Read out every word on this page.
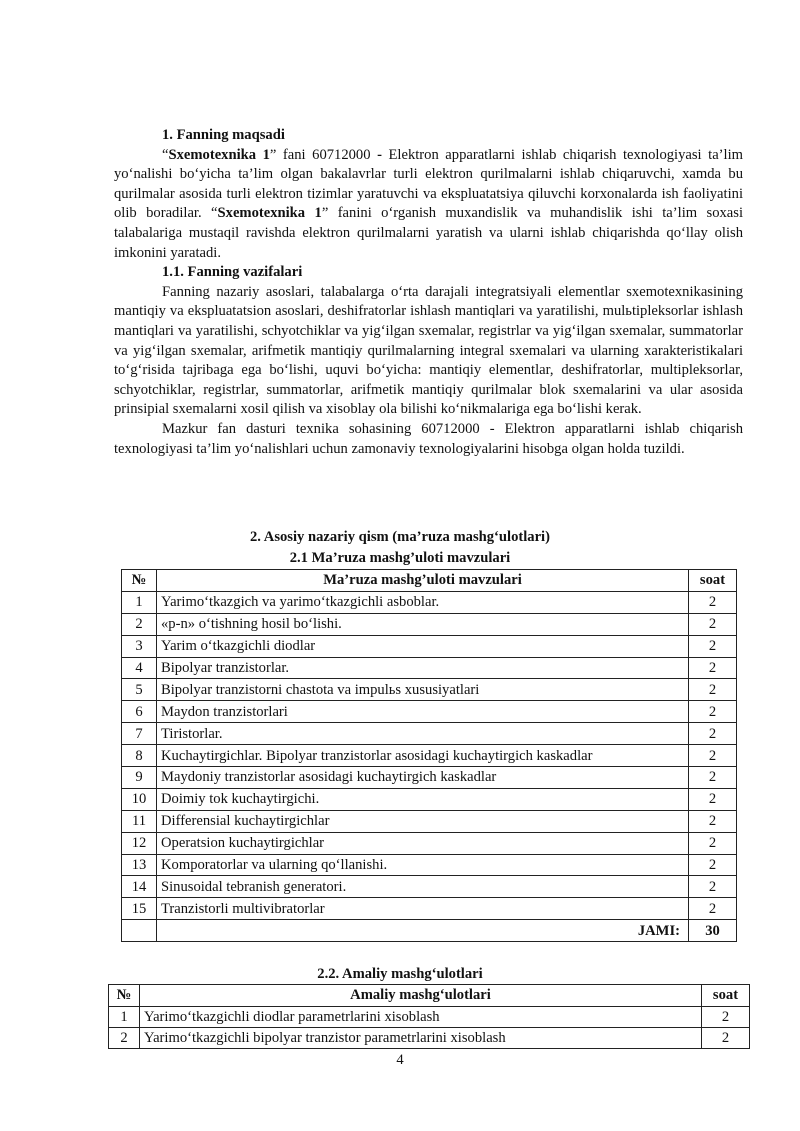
1. Fanning maqsadi

“Sxemotexnika 1” fani 60712000 - Elektron apparatlarni ishlab chiqarish texnologiyasi ta’lim yo‘nalishi bo‘yicha ta’lim olgan bakalavrlar turli elektron qurilmalarni ishlab chiqaruvchi, xamda bu qurilmalar asosida turli elektron tizimlar yaratuvchi va ekspluatatsiya qiluvchi korxonalarda ish faoliyatini olib boradilar. “Sxemotexnika 1” fanini o‘rganish muxandislik va muhandislik ishi ta’lim soxasi talabalariga mustaqil ravishda elektron qurilmalarni yaratish va ularni ishlab chiqarishda qo‘llay olish imkonini yaratadi.

1.1. Fanning vazifalari

Fanning nazariy asoslari, talabalarga o‘rta darajali integratsiyali elementlar sxemotexnikasining mantiqiy va ekspluatatsion asoslari, deshifratorlar ishlash mantiqlari va yaratilishi, mulьtipleksorlar ishlash mantiqlari va yaratilishi, schyotchiklar va yig‘ilgan sxemalar, registrlar va yig‘ilgan sxemalar, summatorlar va yig‘ilgan sxemalar, arifmetik mantiqiy qurilmalarning integral sxemalari va ularning xarakteristikalari to‘g‘risida tajribaga ega bo‘lishi, uquvi bo‘yicha: mantiqiy elementlar, deshifratorlar, multipleksorlar, schyotchiklar, registrlar, summatorlar, arifmetik mantiqiy qurilmalar blok sxemalarini va ular asosida prinsipial sxemalarni xosil qilish va xisoblay ola bilishi ko‘nikmalariga ega bo‘lishi kerak.

Mazkur fan dasturi texnika sohasining 60712000 - Elektron apparatlarni ishlab chiqarish texnologiyasi ta’lim yo‘nalishlari uchun zamonaviy texnologiyalarini hisobga olgan holda tuzildi.

2. Asosiy nazariy qism (ma’ruza mashg‘ulotlari)
2.1 Ma’ruza mashg’uloti mavzulari
№	Ma’ruza mashg’uloti mavzulari	soat
1	Yarimo‘tkazgich va yarimo‘tkazgichli asboblar.	2
2	«p-n» o‘tishning hosil bo‘lishi.	2
3	Yarim o‘tkazgichli diodlar	2
4	Bipolyar tranzistorlar.	2
5	Bipolyar tranzistorni chastota va impulьs xususiyatlari	2
6	Maydon tranzistorlari	2
7	Tiristorlar.	2
8	Kuchaytirgichlar. Bipolyar tranzistorlar asosidagi kuchaytirgich kaskadlar	2
9	Maydoniy tranzistorlar asosidagi kuchaytirgich kaskadlar	2
10	Doimiy tok kuchaytirgichi.	2
11	Differensial kuchaytirgichlar	2
12	Operatsion kuchaytirgichlar	2
13	Komporatorlar va ularning qo‘llanishi.	2
14	Sinusoidal tebranish generatori.	2
15	Tranzistorli multivibratorlar	2
	JAMI:	30
2.2. Amaliy mashg‘ulotlari
№	Amaliy mashg‘ulotlari	soat
1	Yarimo‘tkazgichli diodlar parametrlarini xisoblash	2
2	Yarimo‘tkazgichli bipolyar tranzistor parametrlarini xisoblash	2
4
